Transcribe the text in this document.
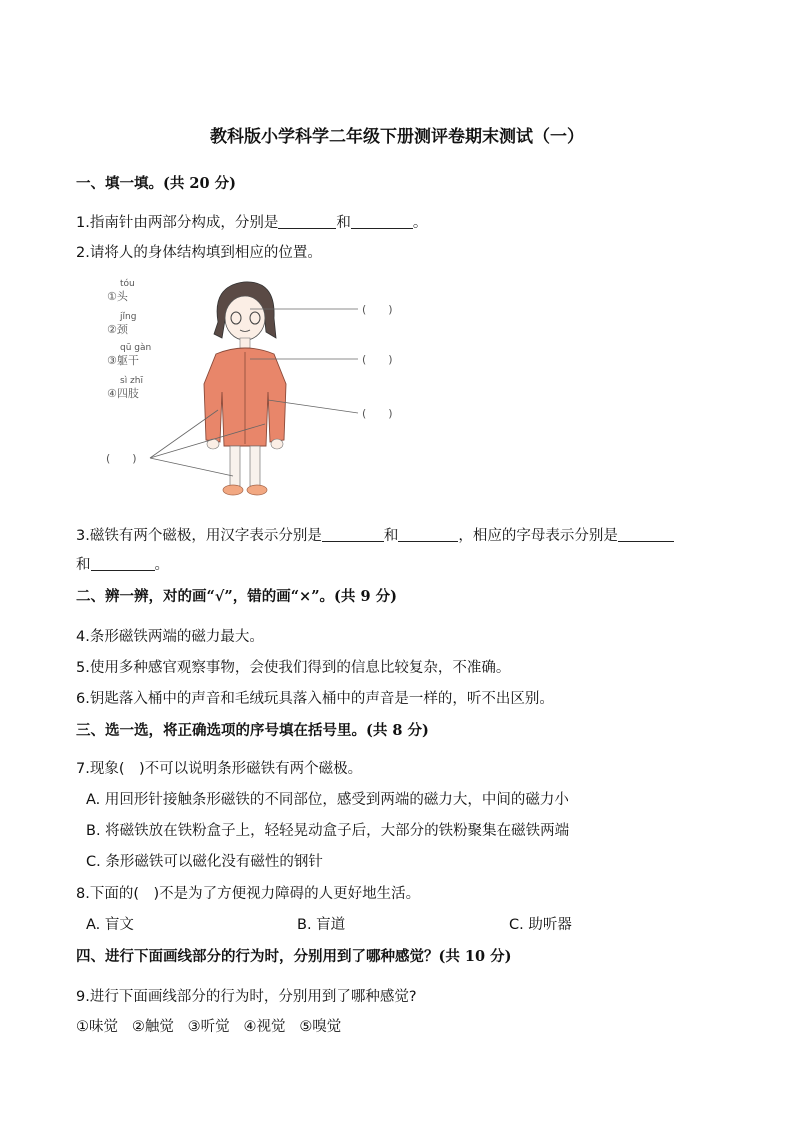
教科版小学科学二年级下册测评卷期末测试（一）
一、填一填。(共 20 分)
1.指南针由两部分构成，分别是	和	。
2.请将人的身体结构填到相应的位置。
tóu
①头
jǐng
②颈
qū gàn
③躯干
sì zhī
④四肢
(　　)
(　　)
(　　)
(　　)
3.磁铁有两个磁极，用汉字表示分别是	和	，相应的字母表示分别是
和	。
二、辨一辨，对的画“√”，错的画“×”。(共 9 分)
4.条形磁铁两端的磁力最大。
5.使用多种感官观察事物，会使我们得到的信息比较复杂，不准确。
6.钥匙落入桶中的声音和毛绒玩具落入桶中的声音是一样的，听不出区别。
三、选一选，将正确选项的序号填在括号里。(共 8 分)
7.现象(　)不可以说明条形磁铁有两个磁极。
A. 用回形针接触条形磁铁的不同部位，感受到两端的磁力大，中间的磁力小
B. 将磁铁放在铁粉盒子上，轻轻晃动盒子后，大部分的铁粉聚集在磁铁两端
C. 条形磁铁可以磁化没有磁性的钢针
8.下面的(　)不是为了方便视力障碍的人更好地生活。
A. 盲文	B. 盲道	C. 助听器
四、进行下面画线部分的行为时，分别用到了哪种感觉？(共 10 分)
9.进行下面画线部分的行为时，分别用到了哪种感觉?
①味觉 ②触觉 ③听觉 ④视觉 ⑤嗅觉
